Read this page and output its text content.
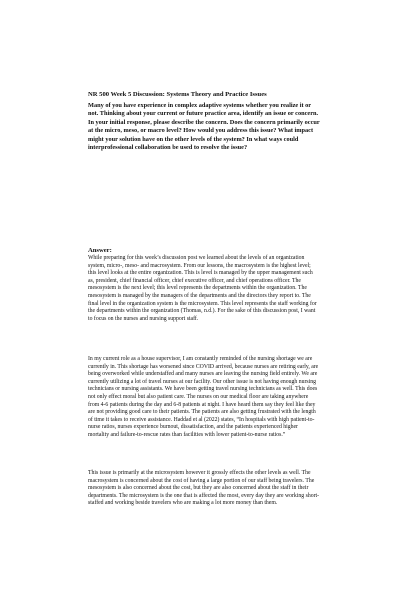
NR 500 Week 5 Discussion: Systems Theory and Practice Issues
Many of you have experience in complex adaptive systems whether you realize it or not. Thinking about your current or future practice area, identify an issue or concern. In your initial response, please describe the concern. Does the concern primarily occur at the micro, meso, or macro level? How would you address this issue? What impact might your solution have on the other levels of the system? In what ways could interprofessional collaboration be used to resolve the issue?
Answer:
While preparing for this week’s discussion post we learned about the levels of an organization system, micro-, meso- and macrosystem. From our lessons, the macrosystem is the highest level; this level looks at the entire organization. This is level is managed by the upper management such as, president, chief financial officer, chief executive officer, and chief operations officer. The mesosystem is the next level; this level represents the departments within the organization. The mesosystem is managed by the managers of the departments and the directors they report to. The final level in the organization system is the microsystem. This level represents the staff working for the departments within the organization (Thomas, n.d.). For the sake of this discussion post, I want to focus on the nurses and nursing support staff.
In my current role as a house supervisor, I am constantly reminded of the nursing shortage we are currently in. This shortage has worsened since COVID arrived, because nurses are retiring early, are being overworked while understaffed and many nurses are leaving the nursing field entirely. We are currently utilizing a lot of travel nurses at our facility. Our other issue is not having enough nursing technicians or nursing assistants. We have been getting travel nursing technicians as well. This does not only effect moral but also patient care. The nurses on our medical floor are taking anywhere from 4-6 patients during the day and 6-8 patients at night. I have heard them say they feel like they are not providing good care to their patients. The patients are also getting frustrated with the length of time it takes to receive assistance. Haddad et al (2022) states, “In hospitals with high patient-to-nurse ratios, nurses experience burnout, dissatisfaction, and the patients experienced higher mortality and failure-to-rescue rates than facilities with lower patient-to-nurse ratios.”
This issue is primarily at the microsystem however it grossly effects the other levels as well. The macrosystem is concerned about the cost of having a large portion of our staff being travelers. The mesosystem is also concerned about the cost, but they are also concerned about the staff in their departments. The microsystem is the one that is affected the most, every day they are working short-staffed and working beside travelers who are making a lot more money than them.
